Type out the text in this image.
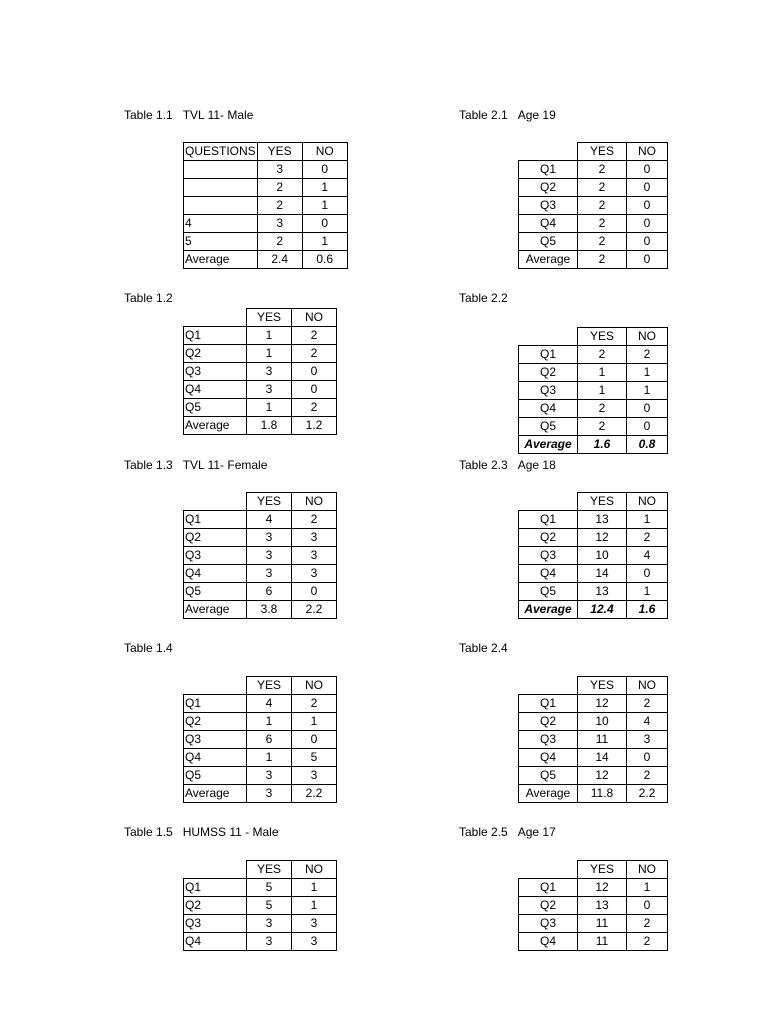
Table 1.1 TVL 11- Male
QUESTIONS	YES	NO
	3	0
	2	1
	2	1
4	3	0
5	2	1
Average	2.4	0.6
Table 1.2
	YES	NO
Q1	1	2
Q2	1	2
Q3	3	0
Q4	3	0
Q5	1	2
Average	1.8	1.2
Table 1.3 TVL 11- Female
	YES	NO
Q1	4	2
Q2	3	3
Q3	3	3
Q4	3	3
Q5	6	0
Average	3.8	2.2
Table 1.4
	YES	NO
Q1	4	2
Q2	1	1
Q3	6	0
Q4	1	5
Q5	3	3
Average	3	2.2
Table 1.5 HUMSS 11 - Male
	YES	NO
Q1	5	1
Q2	5	1
Q3	3	3
Q4	3	3
Table 2.1 Age 19
	YES	NO
Q1	2	0
Q2	2	0
Q3	2	0
Q4	2	0
Q5	2	0
Average	2	0
Table 2.2
	YES	NO
Q1	2	2
Q2	1	1
Q3	1	1
Q4	2	0
Q5	2	0
Average	1.6	0.8
Table 2.3 Age 18
	YES	NO
Q1	13	1
Q2	12	2
Q3	10	4
Q4	14	0
Q5	13	1
Average	12.4	1.6
Table 2.4
	YES	NO
Q1	12	2
Q2	10	4
Q3	11	3
Q4	14	0
Q5	12	2
Average	11.8	2.2
Table 2.5 Age 17
	YES	NO
Q1	12	1
Q2	13	0
Q3	11	2
Q4	11	2
